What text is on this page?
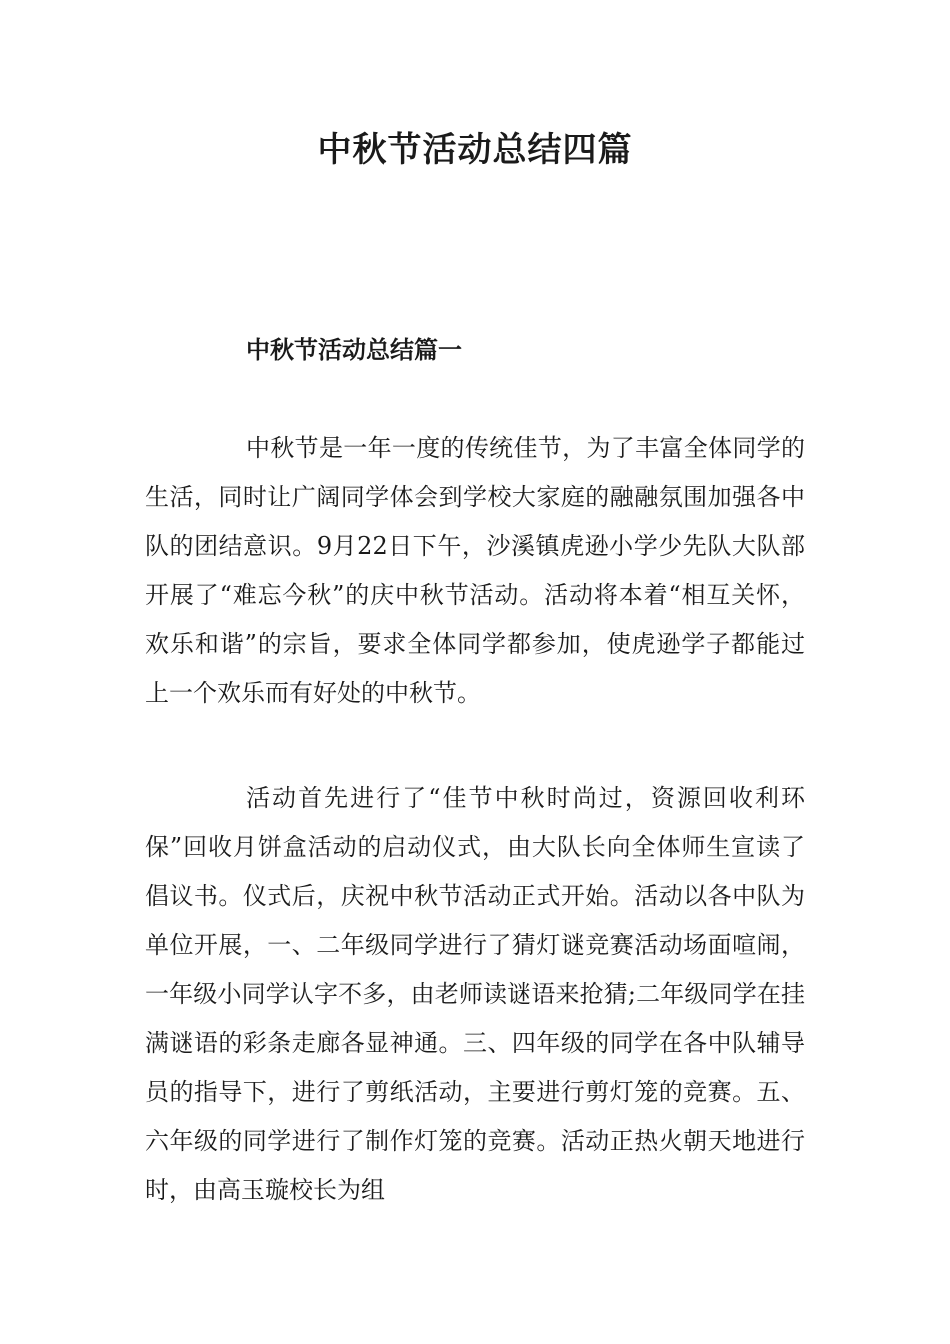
中秋节活动总结四篇
中秋节活动总结篇一

中秋节是一年一度的传统佳节，为了丰富全体同学的生活，同时让广阔同学体会到学校大家庭的融融氛围加强各中队的团结意识。9月22日下午，沙溪镇虎逊小学少先队大队部开展了“难忘今秋”的庆中秋节活动。活动将本着“相互关怀，欢乐和谐”的宗旨，要求全体同学都参加，使虎逊学子都能过上一个欢乐而有好处的中秋节。

活动首先进行了“佳节中秋时尚过，资源回收利环保”回收月饼盒活动的启动仪式，由大队长向全体师生宣读了倡议书。仪式后，庆祝中秋节活动正式开始。活动以各中队为单位开展，一、二年级同学进行了猜灯谜竞赛活动场面喧闹，一年级小同学认字不多，由老师读谜语来抢猜;二年级同学在挂满谜语的彩条走廊各显神通。三、四年级的同学在各中队辅导员的指导下，进行了剪纸活动，主要进行剪灯笼的竞赛。五、六年级的同学进行了制作灯笼的竞赛。活动正热火朝天地进行时，由高玉璇校长为组
